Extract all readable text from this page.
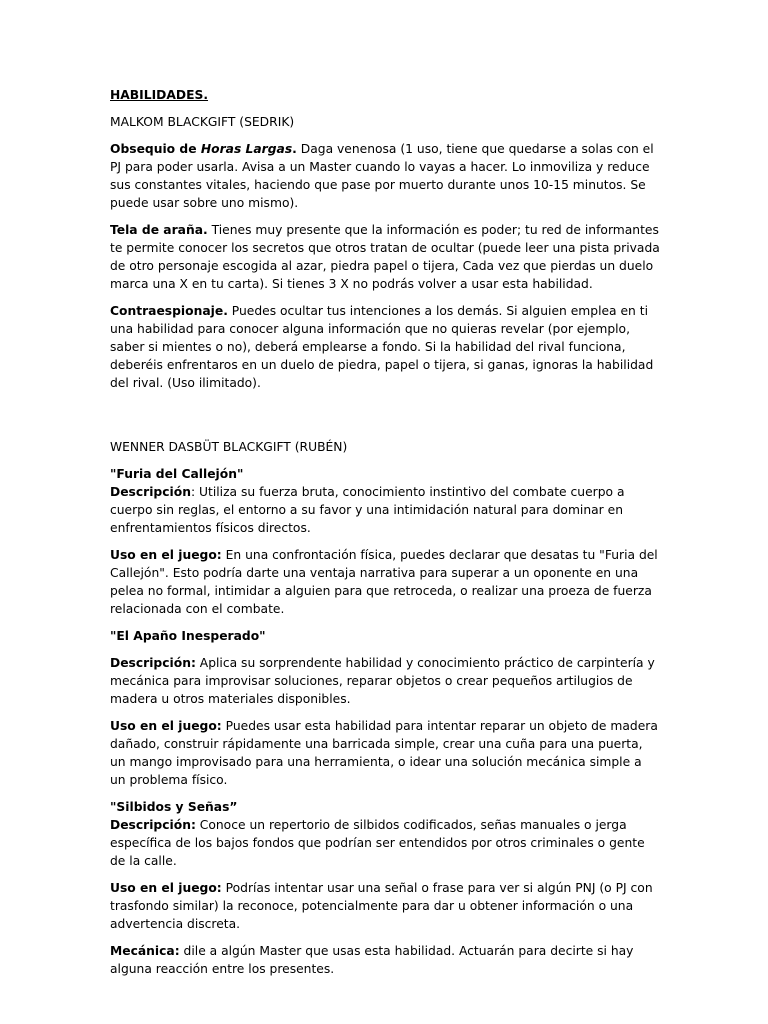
HABILIDADES.

MALKOM BLACKGIFT (SEDRIK)

Obsequio de Horas Largas. Daga venenosa (1 uso, tiene que quedarse a solas con el PJ para poder usarla. Avisa a un Master cuando lo vayas a hacer. Lo inmoviliza y reduce sus constantes vitales, haciendo que pase por muerto durante unos 10-15 minutos. Se puede usar sobre uno mismo).

Tela de araña. Tienes muy presente que la información es poder; tu red de informantes te permite conocer los secretos que otros tratan de ocultar (puede leer una pista privada de otro personaje escogida al azar, piedra papel o tijera, Cada vez que pierdas un duelo marca una X en tu carta). Si tienes 3 X no podrás volver a usar esta habilidad.

Contraespionaje. Puedes ocultar tus intenciones a los demás. Si alguien emplea en ti una habilidad para conocer alguna información que no quieras revelar (por ejemplo, saber si mientes o no), deberá emplearse a fondo. Si la habilidad del rival funciona, deberéis enfrentaros en un duelo de piedra, papel o tijera, si ganas, ignoras la habilidad del rival. (Uso ilimitado).

WENNER DASBÜT BLACKGIFT (RUBÉN)

"Furia del Callejón"
Descripción: Utiliza su fuerza bruta, conocimiento instintivo del combate cuerpo a cuerpo sin reglas, el entorno a su favor y una intimidación natural para dominar en enfrentamientos físicos directos.

Uso en el juego: En una confrontación física, puedes declarar que desatas tu "Furia del Callejón". Esto podría darte una ventaja narrativa para superar a un oponente en una pelea no formal, intimidar a alguien para que retroceda, o realizar una proeza de fuerza relacionada con el combate.

"El Apaño Inesperado"

Descripción: Aplica su sorprendente habilidad y conocimiento práctico de carpintería y mecánica para improvisar soluciones, reparar objetos o crear pequeños artilugios de madera u otros materiales disponibles.

Uso en el juego: Puedes usar esta habilidad para intentar reparar un objeto de madera dañado, construir rápidamente una barricada simple, crear una cuña para una puerta, un mango improvisado para una herramienta, o idear una solución mecánica simple a un problema físico.

"Silbidos y Señas”
Descripción: Conoce un repertorio de silbidos codificados, señas manuales o jerga específica de los bajos fondos que podrían ser entendidos por otros criminales o gente de la calle.

Uso en el juego: Podrías intentar usar una señal o frase para ver si algún PNJ (o PJ con trasfondo similar) la reconoce, potencialmente para dar u obtener información o una advertencia discreta.

Mecánica: dile a algún Master que usas esta habilidad. Actuarán para decirte si hay alguna reacción entre los presentes.
